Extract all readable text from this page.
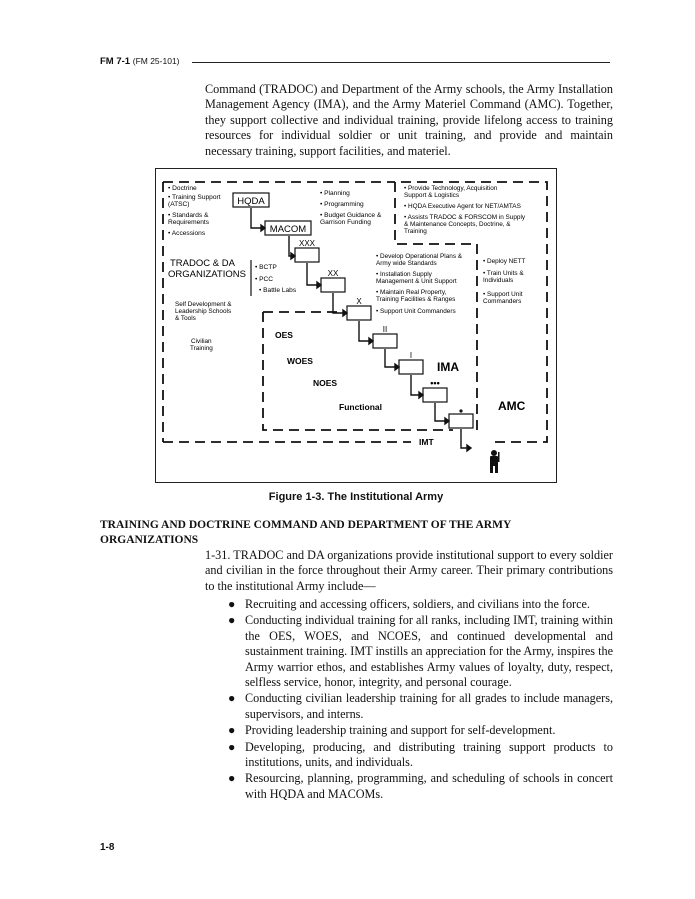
FM 7-1 (FM 25-101)
Command (TRADOC) and Department of the Army schools, the Army Installation Management Agency (IMA), and the Army Materiel Command (AMC). Together, they support collective and individual training, provide lifelong access to training resources for individual soldier or unit training, and provide and maintain necessary training, support facilities, and materiel.
HQDA
MACOM
XXX
XX
X
II
I
•••
• Doctrine
• Training Support
(ATSC)
• Standards &
Requirements
• Accessions
• Planning
• Programming
• Budget Guidance &
Garrison Funding
• Provide Technology, Acquisition
Support & Logistics
• HQDA Executive Agent for NET/AMTAS
• Assists TRADOC & FORSCOM in Supply
& Maintenance Concepts, Doctrine, &
Training
TRADOC & DA
ORGANIZATIONS
• BCTP
• PCC
• Battle Labs
Self Development &
Leadership Schools
& Tools
Civilian
Training
• Develop Operational Plans &
Army wide Standards
• Installation Supply
Management & Unit Support
• Maintain Real Property,
Training Facilities & Ranges
• Support Unit Commanders
• Deploy NETT
• Train Units &
Individuals
• Support Unit
Commanders
OES
WOES
NOES
Functional
IMT
IMA
AMC
Figure 1-3. The Institutional Army
TRAINING AND DOCTRINE COMMAND AND DEPARTMENT OF THE ARMY
ORGANIZATIONS
1-31. TRADOC and DA organizations provide institutional support to every soldier and civilian in the force throughout their Army career. Their primary contributions to the institutional Army include—
● Recruiting and accessing officers, soldiers, and civilians into the force.
● Conducting individual training for all ranks, including IMT, training within the OES, WOES, and NCOES, and continued developmental and sustainment training. IMT instills an appreciation for the Army, inspires the Army warrior ethos, and establishes Army values of loyalty, duty, respect, selfless service, honor, integrity, and personal courage.
● Conducting civilian leadership training for all grades to include managers, supervisors, and interns.
● Providing leadership training and support for self-development.
● Developing, producing, and distributing training support products to institutions, units, and individuals.
● Resourcing, planning, programming, and scheduling of schools in concert with HQDA and MACOMs.
1-8
